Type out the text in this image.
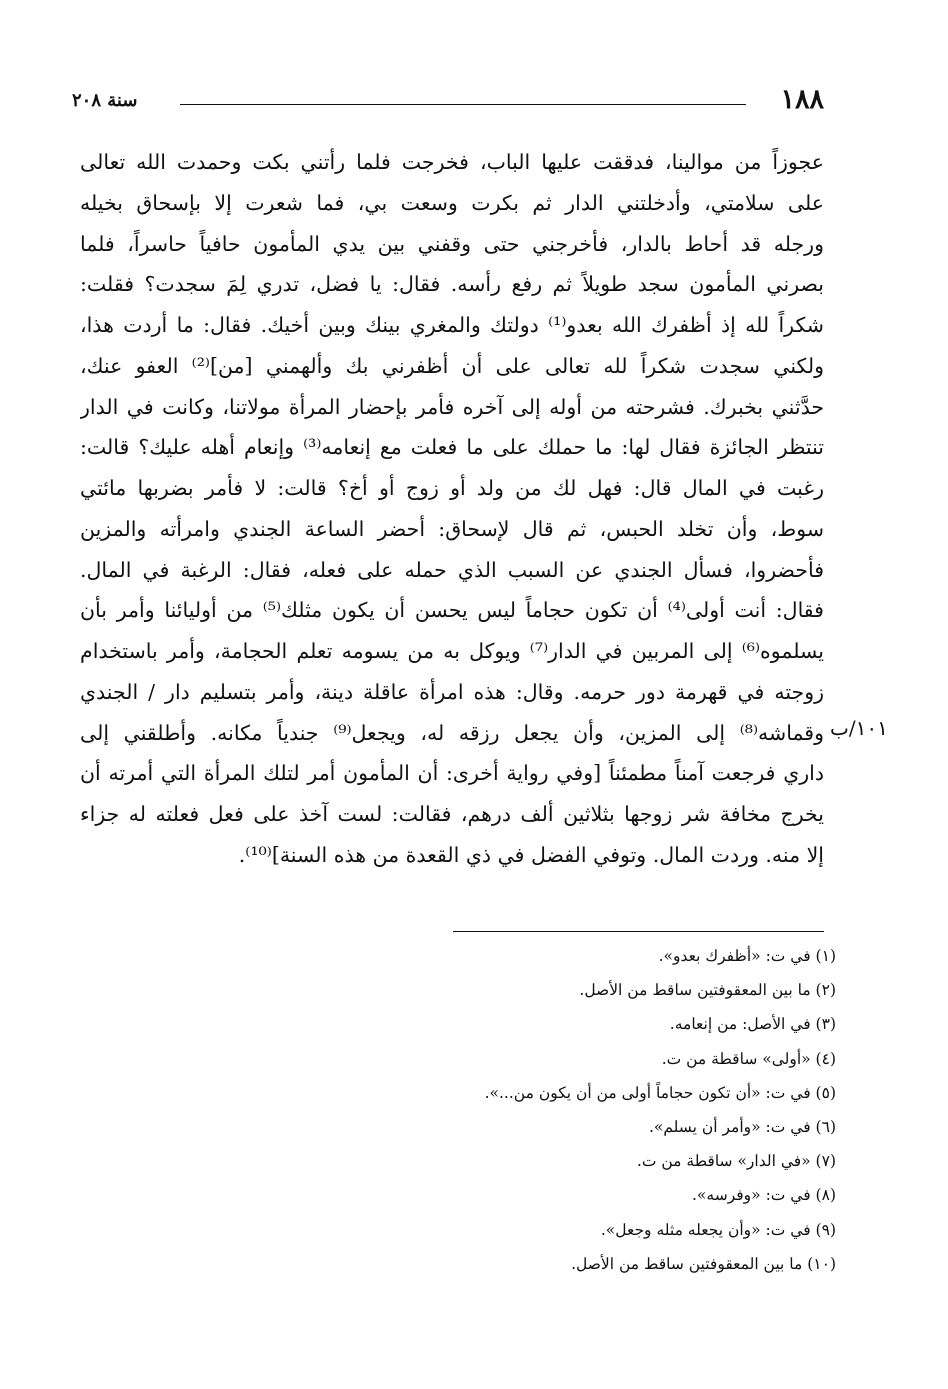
١٨٨
سنة ٢٠٨
١٠١/ب
عجوزاً من موالينا، فدققت عليها الباب، فخرجت فلما رأتني بكت وحمدت الله تعالى
على سلامتي، وأدخلتني الدار ثم بكرت وسعت بي، فما شعرت إلا بإسحاق بخيله
ورجله قد أحاط بالدار، فأخرجني حتى وقفني بين يدي المأمون حافياً حاسراً، فلما
بصرني المأمون سجد طويلاً ثم رفع رأسه. فقال: يا فضل، تدري لِمَ سجدت؟ فقلت:
شكراً لله إذ أظفرك الله بعدو⁽¹⁾ دولتك والمغري بينك وبين أخيك. فقال: ما أردت هذا،
ولكني سجدت شكراً لله تعالى على أن أظفرني بك وألهمني [من]⁽²⁾ العفو عنك،
حدَّثني بخبرك. فشرحته من أوله إلى آخره فأمر بإحضار المرأة مولاتنا، وكانت في الدار
تنتظر الجائزة فقال لها: ما حملك على ما فعلت مع إنعامه⁽³⁾ وإنعام أهله عليك؟ قالت:
رغبت في المال قال: فهل لك من ولد أو زوج أو أخ؟ قالت: لا فأمر بضربها مائتي
سوط، وأن تخلد الحبس، ثم قال لإسحاق: أحضر الساعة الجندي وامرأته والمزين
فأحضروا، فسأل الجندي عن السبب الذي حمله على فعله، فقال: الرغبة في المال.
فقال: أنت أولى⁽⁴⁾ أن تكون حجاماً ليس يحسن أن يكون مثلك⁽⁵⁾ من أوليائنا وأمر بأن
يسلموه⁽⁶⁾ إلى المربين في الدار⁽⁷⁾ ويوكل به من يسومه تعلم الحجامة، وأمر باستخدام
زوجته في قهرمة دور حرمه. وقال: هذه امرأة عاقلة دينة، وأمر بتسليم دار / الجندي
وقماشه⁽⁸⁾ إلى المزين، وأن يجعل رزقه له، ويجعل⁽⁹⁾ جندياً مكانه. وأطلقني إلى
داري فرجعت آمناً مطمئناً [وفي رواية أخرى: أن المأمون أمر لتلك المرأة التي أمرته أن
يخرج مخافة شر زوجها بثلاثين ألف درهم، فقالت: لست آخذ على فعل فعلته له جزاء
إلا منه. وردت المال. وتوفي الفضل في ذي القعدة من هذه السنة]⁽¹⁰⁾.
(١) في ت: «أظفرك بعدو».
(٢) ما بين المعقوفتين ساقط من الأصل.
(٣) في الأصل: من إنعامه.
(٤) «أولى» ساقطة من ت.
(٥) في ت: «أن تكون حجاماً أولى من أن يكون من...».
(٦) في ت: «وأمر أن يسلم».
(٧) «في الدار» ساقطة من ت.
(٨) في ت: «وفرسه».
(٩) في ت: «وأن يجعله مثله وجعل».
(١٠) ما بين المعقوفتين ساقط من الأصل.
